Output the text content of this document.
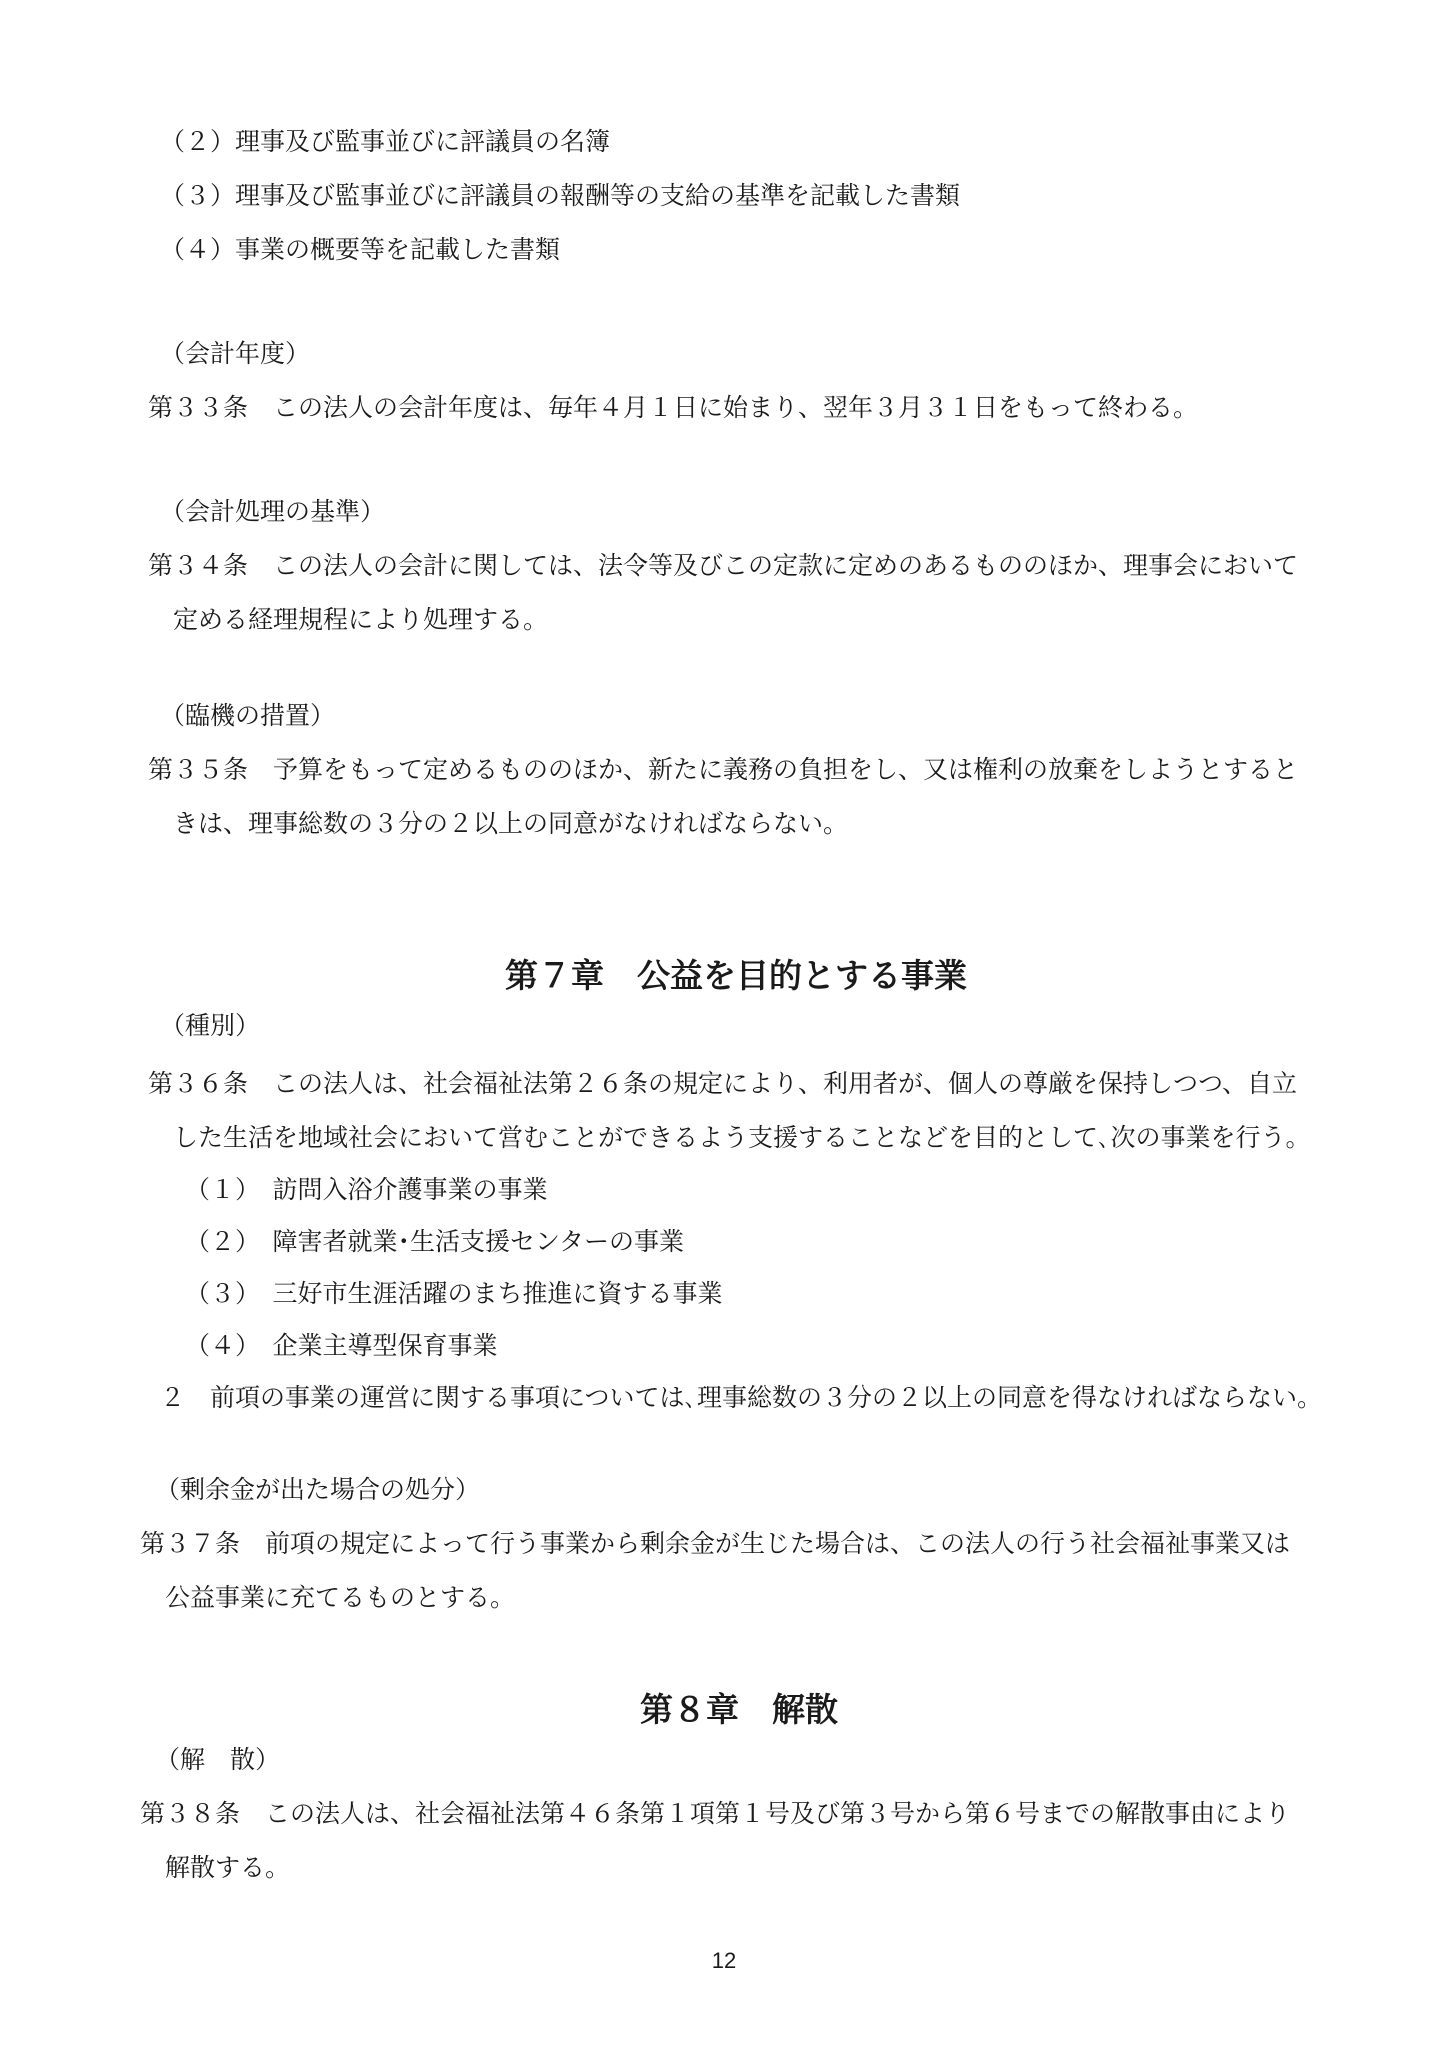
（２）理事及び監事並びに評議員の名簿
（３）理事及び監事並びに評議員の報酬等の支給の基準を記載した書類
（４）事業の概要等を記載した書類
（会計年度）
第３３条　この法人の会計年度は、毎年４月１日に始まり、翌年３月３１日をもって終わる。
（会計処理の基準）
第３４条　この法人の会計に関しては、法令等及びこの定款に定めのあるもののほか、理事会において
定める経理規程により処理する。
（臨機の措置）
第３５条　予算をもって定めるもののほか、新たに義務の負担をし、又は権利の放棄をしようとすると
きは、理事総数の３分の２以上の同意がなければならない。
第７章　公益を目的とする事業
（種別）
第３６条　この法人は、社会福祉法第２６条の規定により、利用者が、個人の尊厳を保持しつつ、自立
した生活を地域社会において営むことができるよう支援することなどを目的として､次の事業を行う。
（１）　訪問入浴介護事業の事業
（２）　障害者就業･生活支援センターの事業
（３）　三好市生涯活躍のまち推進に資する事業
（４）　企業主導型保育事業
２　前項の事業の運営に関する事項については､理事総数の３分の２以上の同意を得なければならない。
（剰余金が出た場合の処分）
第３７条　前項の規定によって行う事業から剰余金が生じた場合は、この法人の行う社会福祉事業又は
公益事業に充てるものとする。
第８章　解散
（解　散）
第３８条　この法人は、社会福祉法第４６条第１項第１号及び第３号から第６号までの解散事由により
解散する。
12
